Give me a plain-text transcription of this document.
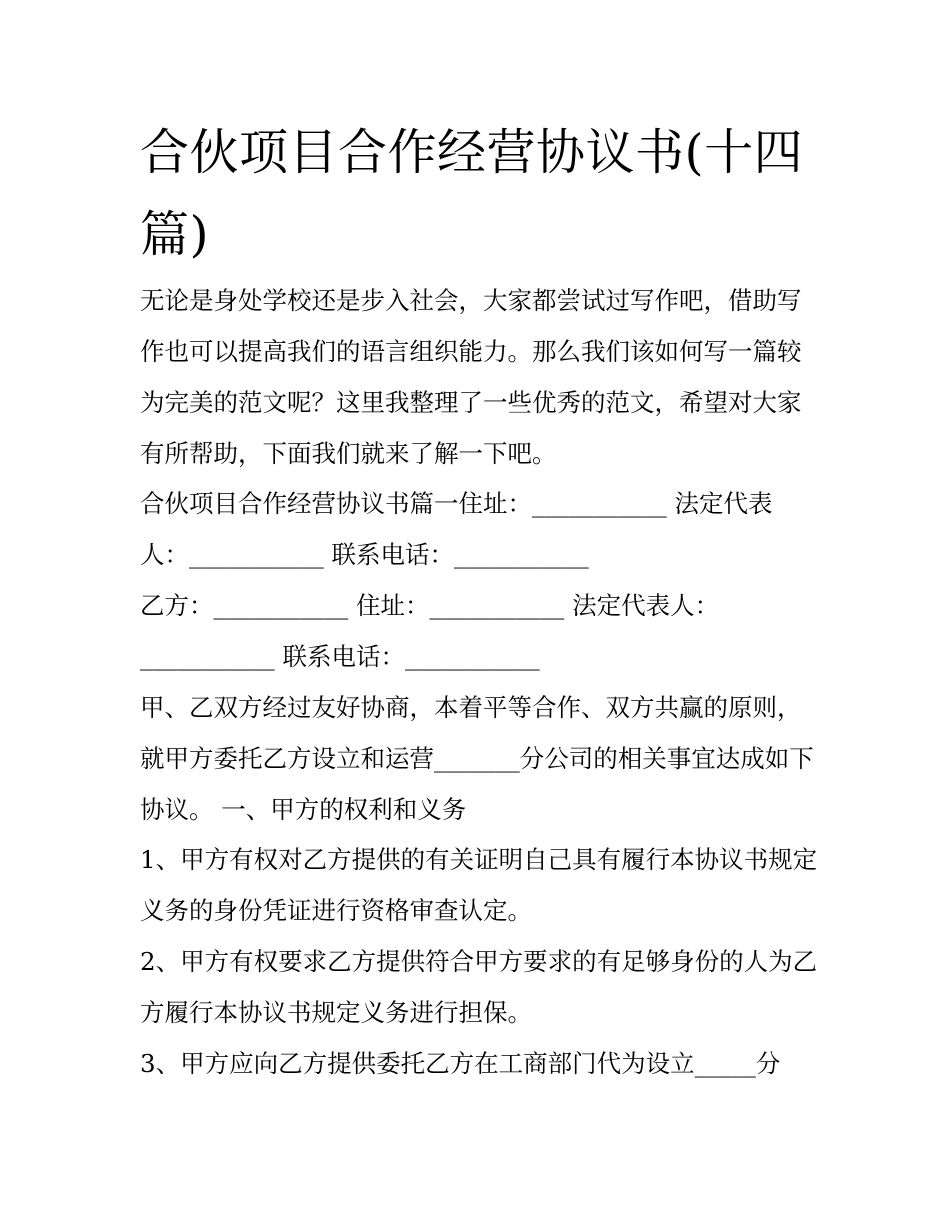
合伙项目合作经营协议书(十四篇)

无论是身处学校还是步入社会，大家都尝试过写作吧，借助写作也可以提高我们的语言组织能力。那么我们该如何写一篇较为完美的范文呢？这里我整理了一些优秀的范文，希望对大家有所帮助，下面我们就来了解一下吧。

合伙项目合作经营协议书篇一住址：___________ 法定代表人：___________ 联系电话：___________

乙方：___________ 住址：___________ 法定代表人：___________ 联系电话：___________

甲、乙双方经过友好协商，本着平等合作、双方共赢的原则，就甲方委托乙方设立和运营_______分公司的相关事宜达成如下协议。 一、甲方的权利和义务

1、甲方有权对乙方提供的有关证明自己具有履行本协议书规定义务的身份凭证进行资格审查认定。

2、甲方有权要求乙方提供符合甲方要求的有足够身份的人为乙方履行本协议书规定义务进行担保。

3、甲方应向乙方提供委托乙方在工商部门代为设立_____分
